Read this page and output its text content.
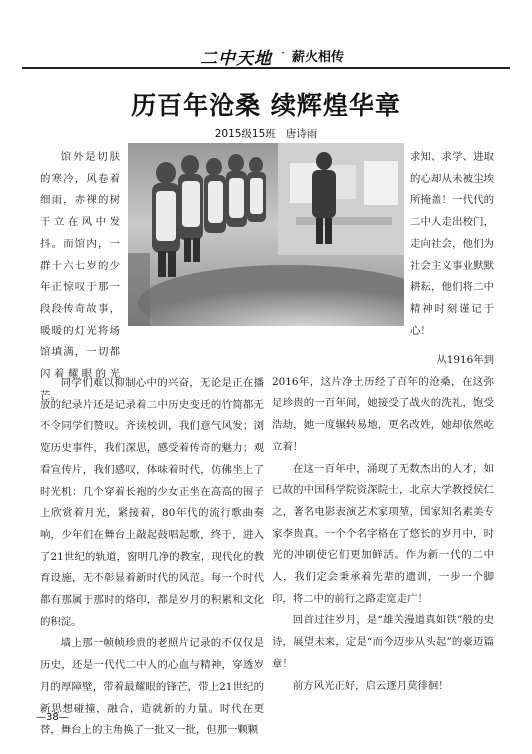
二中天地 · 薪火相传
历百年沧桑 续辉煌华章
2015级15班 唐诗雨

馆外是切肤的寒冷，风卷着细雨，赤裸的树干立在风中发抖。而馆内，一群十六七岁的少年正惊叹于那一段段传奇故事，暖暖的灯光将场馆填满，一切都闪着耀眼的光芒。

求知、求学、进取的心却从未被尘埃所掩盖！一代代的二中人走出校门，走向社会，他们为社会主义事业默默耕耘，他们将二中精神时刻谨记于心！

同学们难以抑制心中的兴奋，无论是正在播放的纪录片还是记录着二中历史变迁的竹简都无不令同学们赞叹。齐读校训，我们意气风发；浏览历史事件，我们深思，感受着传奇的魅力；观看宣传片，我们感叹，体味着时代，仿佛坐上了时光机：几个穿着长袍的少女正坐在高高的围子上欣赏着月光，紧接着，80年代的流行歌曲奏响，少年们在舞台上敲起鼓唱起歌，终于，进入了21世纪的轨道，窗明几净的教室，现代化的教育设施，无不彰显着新时代的风范。每一个时代都有那属于那时的烙印，都是岁月的积累和文化的积淀。

墙上那一帧帧珍贵的老照片记录的不仅仅是历史，还是一代代二中人的心血与精神，穿透岁月的厚障壁，带着最耀眼的锋芒，带上21世纪的新思想碰撞，融合，造就新的力量。时代在更替，舞台上的主角换了一批又一批，但那一颗颗

从1916年到

2016年，这片净土历经了百年的沧桑，在这弥足珍贵的一百年间，她接受了战火的洗礼，饱受浩劫，她一度辗转易地，更名改姓，她却依然屹立着！

在这一百年中，涌现了无数杰出的人才，如已故的中国科学院资深院士，北京大学教授侯仁之，著名电影表演艺术家项堃，国家知名素美专家李贵真。一个个名字格在了悠长的岁月中，时光的冲刷使它们更加鲜活。作为新一代的二中人，我们定会秉承着先辈的遗训，一步一个脚印，将二中的前行之路走宽走广！

回首过往岁月，是“雄关漫道真如铁”般的史诗，展望未来，定是“而今迈步从头起”的豪迈篇章！

前方风光正好，启云逐月莫徘徊！

—38—
